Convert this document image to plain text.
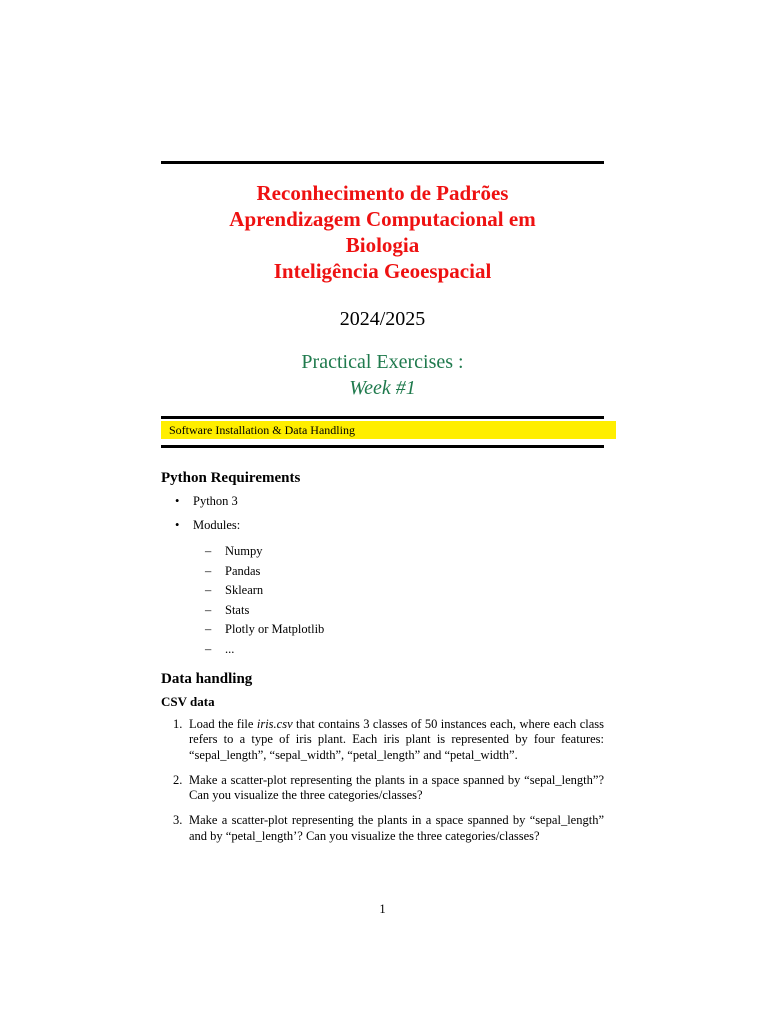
Reconhecimento de Padrões
Aprendizagem Computacional em
Biologia
Inteligência Geoespacial
2024/2025
Practical Exercises :
Week #1
Software Installation & Data Handling
Python Requirements
• Python 3
• Modules:
– Numpy
– Pandas
– Sklearn
– Stats
– Plotly or Matplotlib
– ...
Data handling
CSV data
1. Load the file iris.csv that contains 3 classes of 50 instances each, where each class refers to a type of iris plant. Each iris plant is represented by four features: “sepal_length”, “sepal_width”, “petal_length” and “petal_width”.
2. Make a scatter-plot representing the plants in a space spanned by “sepal_length”? Can you visualize the three categories/classes?
3. Make a scatter-plot representing the plants in a space spanned by “sepal_length” and by “petal_length’? Can you visualize the three categories/classes?
1
